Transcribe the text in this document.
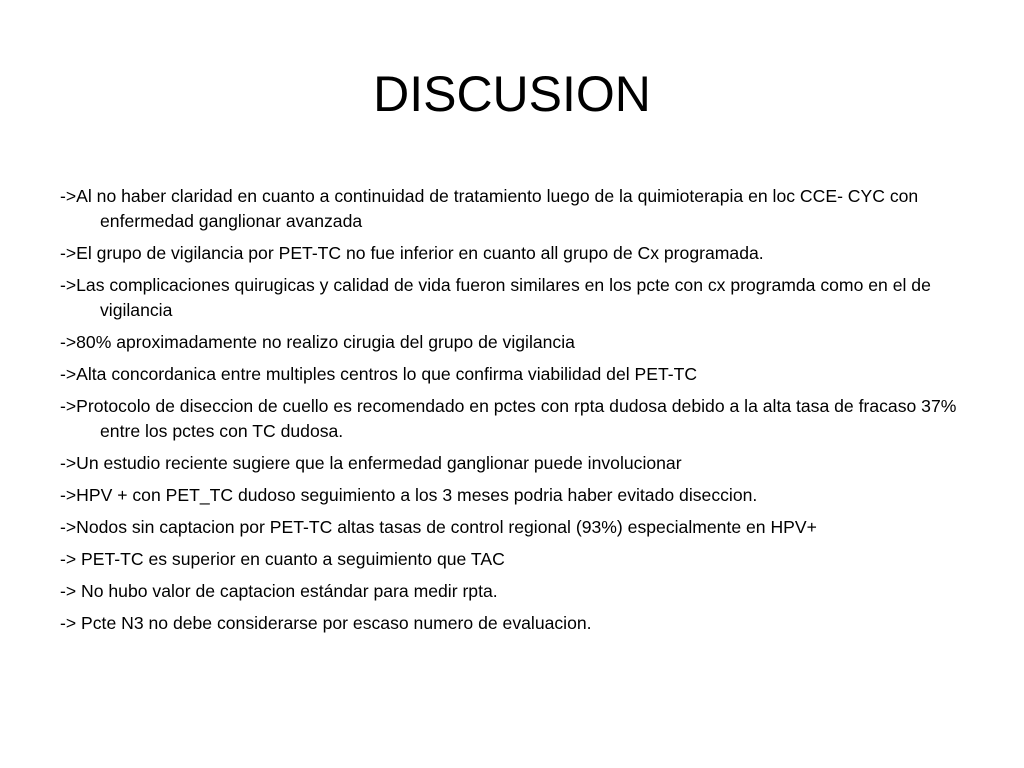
DISCUSION
->Al no haber claridad en cuanto a continuidad de tratamiento luego de la quimioterapia en loc CCE- CYC con enfermedad ganglionar avanzada
->El grupo de vigilancia por PET-TC no fue inferior en cuanto all grupo de Cx programada.
->Las complicaciones quirugicas y calidad de vida fueron similares en los pcte con cx programda como en el de vigilancia
->80% aproximadamente no realizo cirugia del grupo de vigilancia
->Alta concordanica entre multiples centros lo que confirma viabilidad del PET-TC
->Protocolo de diseccion de cuello es recomendado en pctes con rpta dudosa debido a la alta tasa de fracaso 37% entre los pctes con TC dudosa.
->Un estudio reciente sugiere que la enfermedad ganglionar puede involucionar
->HPV + con PET_TC dudoso seguimiento a los 3 meses podria haber evitado diseccion.
->Nodos sin captacion por PET-TC altas tasas de control regional (93%) especialmente en HPV+
-> PET-TC es superior en cuanto a seguimiento que TAC
-> No hubo valor de captacion estándar para medir rpta.
-> Pcte N3 no debe considerarse por escaso numero de evaluacion.
